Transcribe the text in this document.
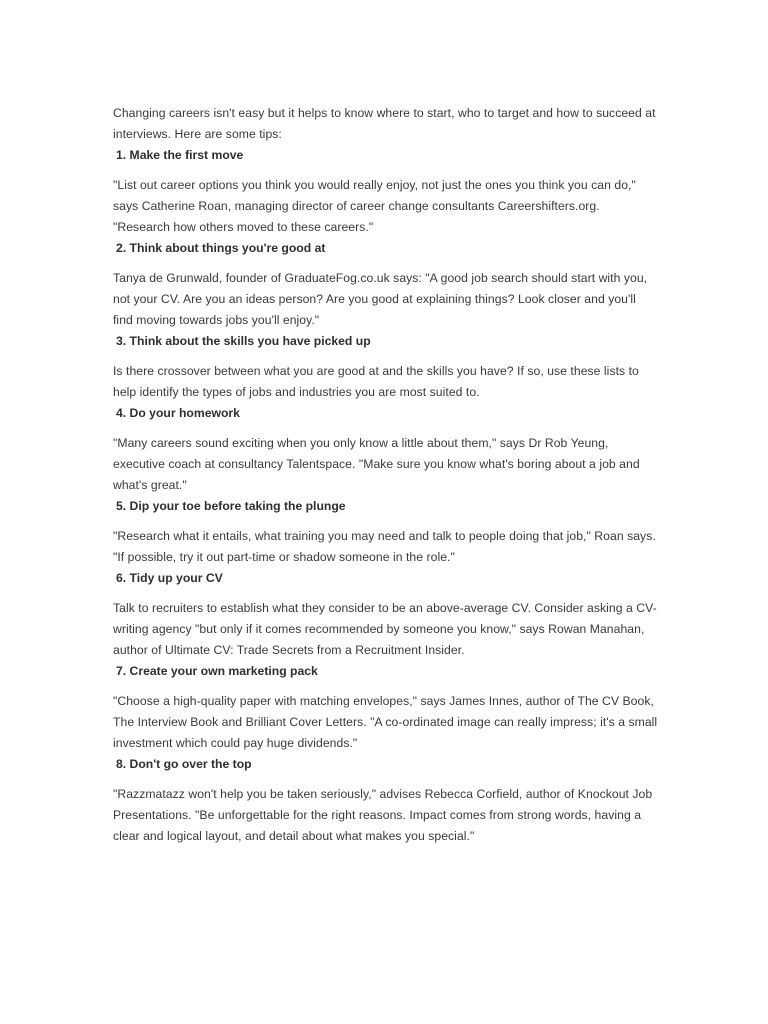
Changing careers isn't easy but it helps to know where to start, who to target and how to succeed at interviews. Here are some tips:

1. Make the first move

"List out career options you think you would really enjoy, not just the ones you think you can do," says Catherine Roan, managing director of career change consultants Careershifters.org. "Research how others moved to these careers."

2. Think about things you're good at

Tanya de Grunwald, founder of GraduateFog.co.uk says: "A good job search should start with you, not your CV. Are you an ideas person? Are you good at explaining things? Look closer and you'll find moving towards jobs you'll enjoy."

3. Think about the skills you have picked up

Is there crossover between what you are good at and the skills you have? If so, use these lists to help identify the types of jobs and industries you are most suited to.

4. Do your homework

"Many careers sound exciting when you only know a little about them," says Dr Rob Yeung, executive coach at consultancy Talentspace. "Make sure you know what's boring about a job and what's great."

5. Dip your toe before taking the plunge

"Research what it entails, what training you may need and talk to people doing that job," Roan says. "If possible, try it out part-time or shadow someone in the role."

6. Tidy up your CV

Talk to recruiters to establish what they consider to be an above-average CV. Consider asking a CV-writing agency "but only if it comes recommended by someone you know," says Rowan Manahan, author of Ultimate CV: Trade Secrets from a Recruitment Insider.

7. Create your own marketing pack

"Choose a high-quality paper with matching envelopes," says James Innes, author of The CV Book, The Interview Book and Brilliant Cover Letters. "A co-ordinated image can really impress; it's a small investment which could pay huge dividends."

8. Don't go over the top

"Razzmatazz won't help you be taken seriously," advises Rebecca Corfield, author of Knockout Job Presentations. "Be unforgettable for the right reasons. Impact comes from strong words, having a clear and logical layout, and detail about what makes you special."
